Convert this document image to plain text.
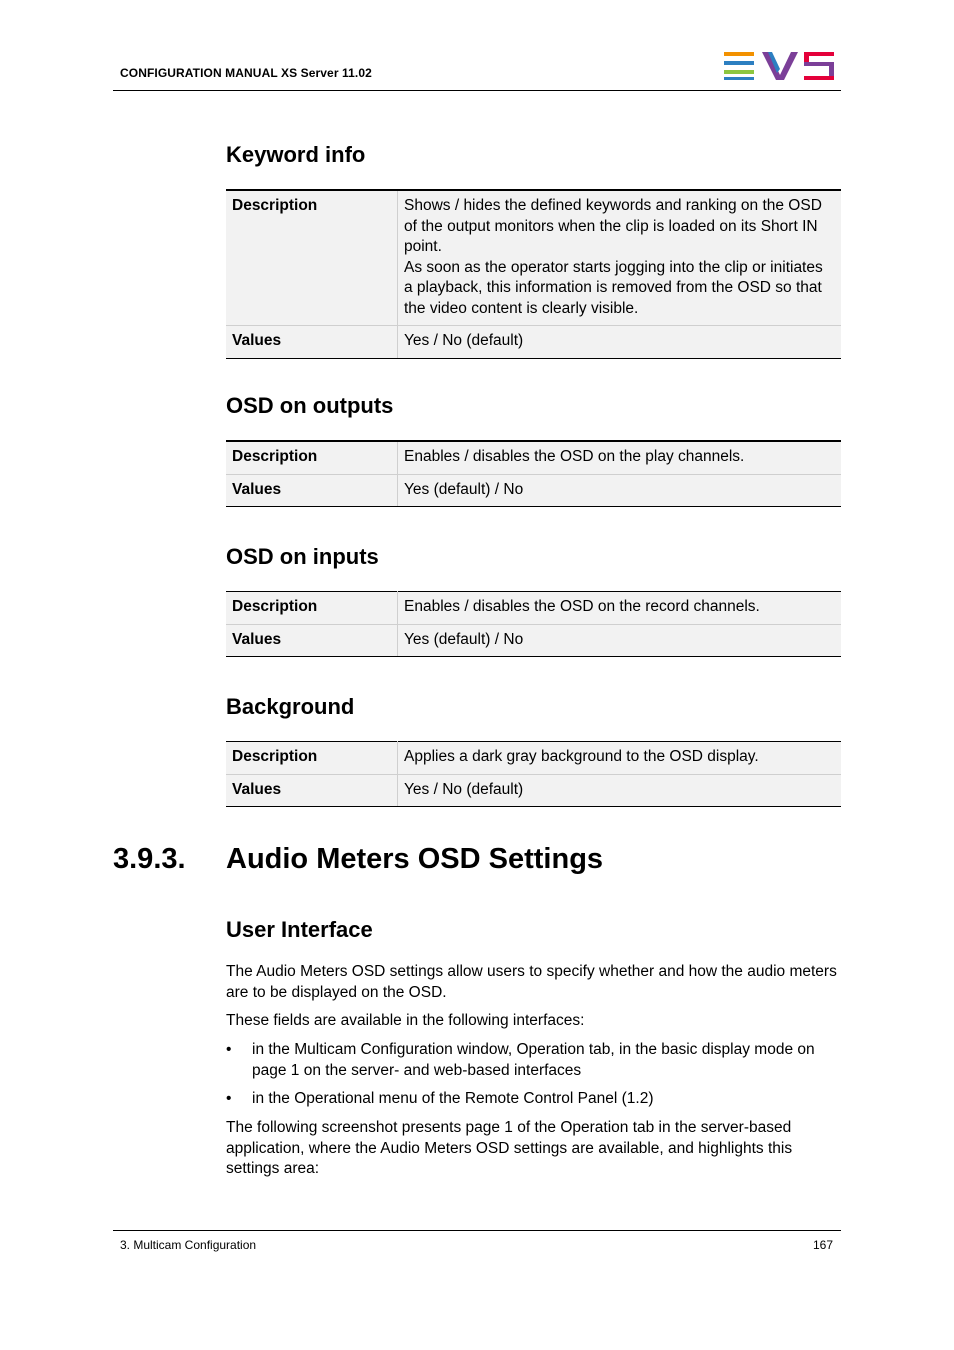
CONFIGURATION MANUAL XS Server 11.02
Keyword info
Description	Shows / hides the defined keywords and ranking on the OSD of the output monitors when the clip is loaded on its Short IN point.
As soon as the operator starts jogging into the clip or initiates a playback, this information is removed from the OSD so that the video content is clearly visible.
Values	Yes / No (default)
OSD on outputs
Description	Enables / disables the OSD on the play channels.
Values	Yes (default) / No
OSD on inputs
Description	Enables / disables the OSD on the record channels.
Values	Yes (default) / No
Background
Description	Applies a dark gray background to the OSD display.
Values	Yes / No (default)
3.9.3. Audio Meters OSD Settings
User Interface

The Audio Meters OSD settings allow users to specify whether and how the audio meters are to be displayed on the OSD.

These fields are available in the following interfaces:

• in the Multicam Configuration window, Operation tab, in the basic display mode on page 1 on the server- and web-based interfaces
• in the Operational menu of the Remote Control Panel (1.2)

The following screenshot presents page 1 of the Operation tab in the server-based application, where the Audio Meters OSD settings are available, and highlights this settings area:

3. Multicam Configuration	167
